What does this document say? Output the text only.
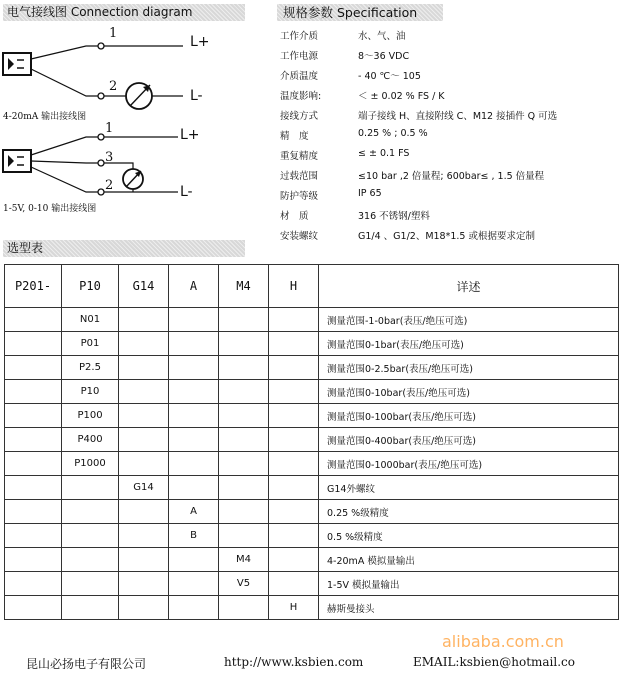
电气接线图 Connection diagram
1
2
L+
L-
4-20mA 输出接线图
1
3
2
L+
L-
1-5V, 0-10 输出接线图
规格参数 Specification
工作介质	水、气、油
工作电源	8～36 VDC
介质温度	- 40 ℃～ 105
温度影响:	＜ ± 0.02 % FS / K
接线方式	端子接线 H、直接附线 C、M12 接插件 Q 可选
精　度	0.25 % ; 0.5 %
重复精度	≤ ± 0.1 FS
过载范围	≤10 bar ,2 倍量程; 600bar≤ , 1.5 倍量程
防护等级	IP 65
材　质	316 不锈钢/塑料
安装螺纹	G1/4 、G1/2、M18*1.5 或根据要求定制
选型表
P201-	P10	G14	A	M4	H	详述
	N01					测量范围-1-0bar(表压/绝压可选)
	P01					测量范围0-1bar(表压/绝压可选)
	P2.5					测量范围0-2.5bar(表压/绝压可选)
	P10					测量范围0-10bar(表压/绝压可选)
	P100					测量范围0-100bar(表压/绝压可选)
	P400					测量范围0-400bar(表压/绝压可选)
	P1000					测量范围0-1000bar(表压/绝压可选)
		G14				G14外螺纹
			A			0.25 %级精度
			B			0.5 %级精度
				M4		4-20mA 模拟量输出
				V5		1-5V 模拟量输出
					H	赫斯曼接头
alibaba.com.cn
昆山必扬电子有限公司	http://www.ksbien.com	EMAIL:ksbien@hotmail.co
